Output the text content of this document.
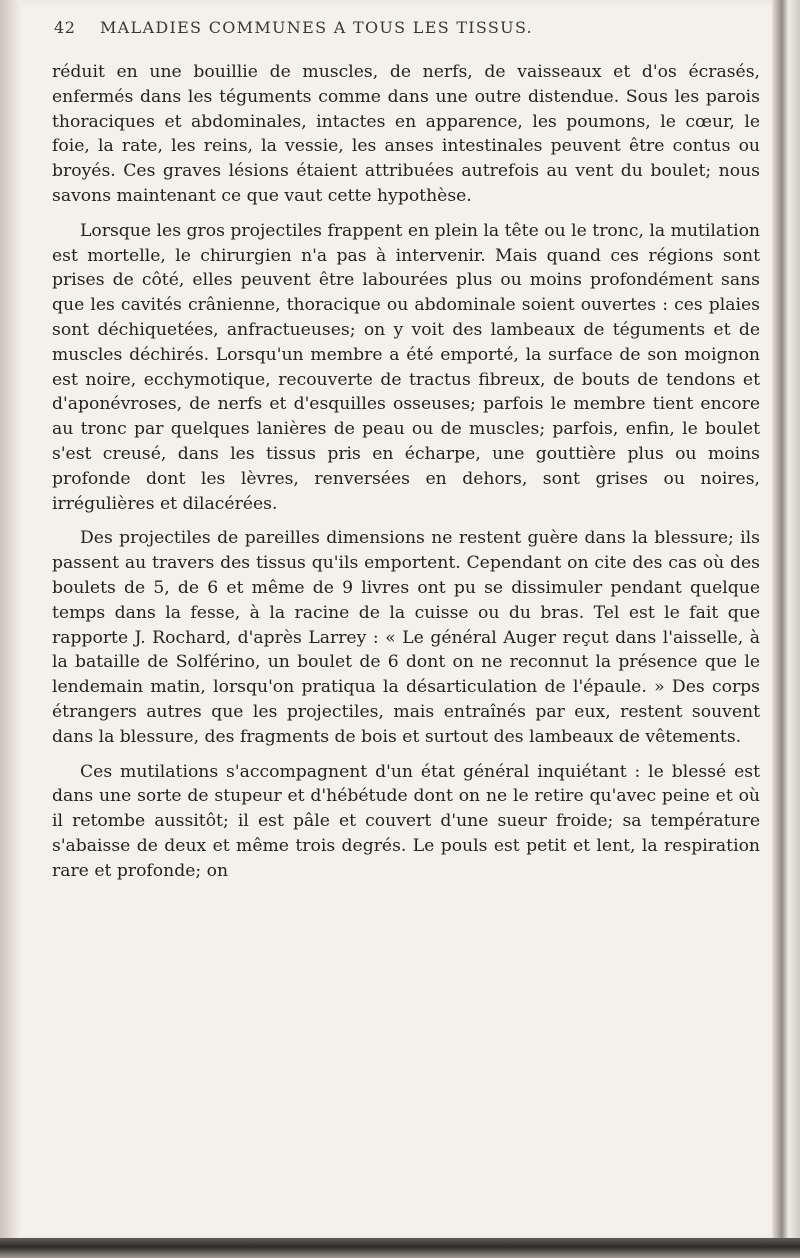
42 MALADIES COMMUNES A TOUS LES TISSUS.

réduit en une bouillie de muscles, de nerfs, de vaisseaux et d'os écrasés, enfermés dans les téguments comme dans une outre distendue. Sous les parois thoraciques et abdominales, intactes en apparence, les poumons, le cœur, le foie, la rate, les reins, la vessie, les anses intestinales peuvent être contus ou broyés. Ces graves lésions étaient attribuées autrefois au vent du boulet; nous savons maintenant ce que vaut cette hypothèse.

Lorsque les gros projectiles frappent en plein la tête ou le tronc, la mutilation est mortelle, le chirurgien n'a pas à intervenir. Mais quand ces régions sont prises de côté, elles peuvent être labourées plus ou moins profondément sans que les cavités crânienne, thoracique ou abdominale soient ouvertes : ces plaies sont déchiquetées, anfractueuses; on y voit des lambeaux de téguments et de muscles déchirés. Lorsqu'un membre a été emporté, la surface de son moignon est noire, ecchymotique, recouverte de tractus fibreux, de bouts de tendons et d'aponévroses, de nerfs et d'esquilles osseuses; parfois le membre tient encore au tronc par quelques lanières de peau ou de muscles; parfois, enfin, le boulet s'est creusé, dans les tissus pris en écharpe, une gouttière plus ou moins profonde dont les lèvres, renversées en dehors, sont grises ou noires, irrégulières et dilacérées.

Des projectiles de pareilles dimensions ne restent guère dans la blessure; ils passent au travers des tissus qu'ils emportent. Cependant on cite des cas où des boulets de 5, de 6 et même de 9 livres ont pu se dissimuler pendant quelque temps dans la fesse, à la racine de la cuisse ou du bras. Tel est le fait que rapporte J. Rochard, d'après Larrey : « Le général Auger reçut dans l'aisselle, à la bataille de Solférino, un boulet de 6 dont on ne reconnut la présence que le lendemain matin, lorsqu'on pratiqua la désarticulation de l'épaule. » Des corps étrangers autres que les projectiles, mais entraînés par eux, restent souvent dans la blessure, des fragments de bois et surtout des lambeaux de vêtements.

Ces mutilations s'accompagnent d'un état général inquiétant : le blessé est dans une sorte de stupeur et d'hébétude dont on ne le retire qu'avec peine et où il retombe aussitôt; il est pâle et couvert d'une sueur froide; sa température s'abaisse de deux et même trois degrés. Le pouls est petit et lent, la respiration rare et profonde; on
